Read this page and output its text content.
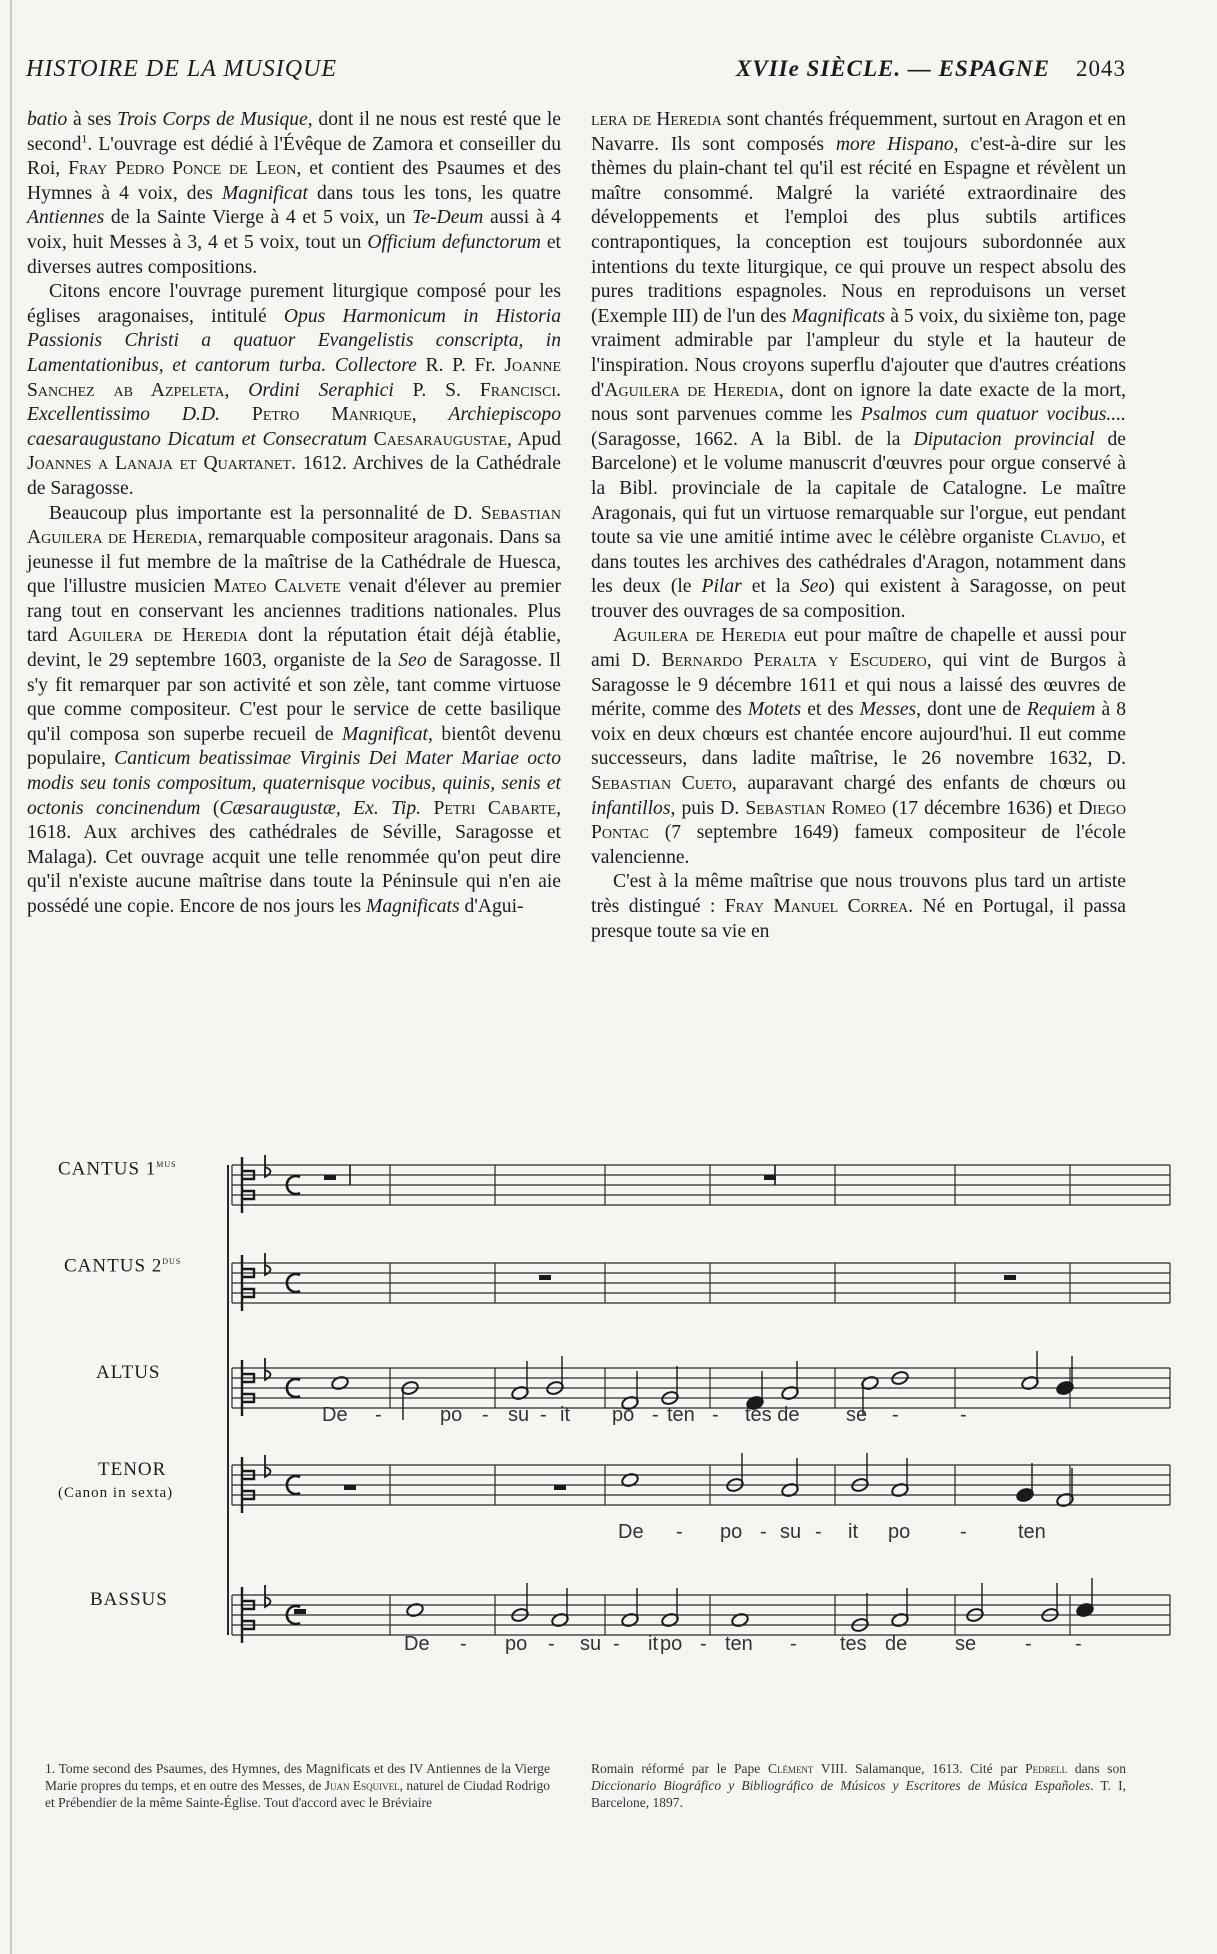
HISTOIRE DE LA MUSIQUE	XVIIe SIÈCLE. — ESPAGNE 2043

batio à ses Trois Corps de Musique, dont il ne nous est resté que le second$^1$. L'ouvrage est dédié à l'Évêque de Zamora et conseiller du Roi, Fray Pedro Ponce de Leon, et contient des Psaumes et des Hymnes à 4 voix, des Magnificat dans tous les tons, les quatre Antiennes de la Sainte Vierge à 4 et 5 voix, un Te-Deum aussi à 4 voix, huit Messes à 3, 4 et 5 voix, tout un Officium defunctorum et diverses autres compositions.

Citons encore l'ouvrage purement liturgique composé pour les églises aragonaises, intitulé Opus Harmonicum in Historia Passionis Christi a quatuor Evangelistis conscripta, in Lamentationibus, et cantorum turba. Collectore R. P. Fr. Joanne Sanchez ab Azpeleta, Ordini Seraphici P. S. Francisci. Excellentissimo D.D. Petro Manrique, Archiepiscopo caesaraugustano Dicatum et Consecratum Caesaraugustae, Apud Joannes a Lanaja et Quartanet. 1612. Archives de la Cathédrale de Saragosse.

Beaucoup plus importante est la personnalité de D. Sebastian Aguilera de Heredia, remarquable compositeur aragonais. Dans sa jeunesse il fut membre de la maîtrise de la Cathédrale de Huesca, que l'illustre musicien Mateo Calvete venait d'élever au premier rang tout en conservant les anciennes traditions nationales. Plus tard Aguilera de Heredia dont la réputation était déjà établie, devint, le 29 septembre 1603, organiste de la Seo de Saragosse. Il s'y fit remarquer par son activité et son zèle, tant comme virtuose que comme compositeur. C'est pour le service de cette basilique qu'il composa son superbe recueil de Magnificat, bientôt devenu populaire, Canticum beatissimae Virginis Dei Mater Mariae octo modis seu tonis compositum, quaternisque vocibus, quinis, senis et octonis concinendum (Cæsaraugustæ, Ex. Tip. Petri Cabarte, 1618. Aux archives des cathédrales de Séville, Saragosse et Malaga). Cet ouvrage acquit une telle renommée qu'on peut dire qu'il n'existe aucune maîtrise dans toute la Péninsule qui n'en aie possédé une copie. Encore de nos jours les Magnificats d'Agui-

lera de Heredia sont chantés fréquemment, surtout en Aragon et en Navarre. Ils sont composés more Hispano, c'est-à-dire sur les thèmes du plain-chant tel qu'il est récité en Espagne et révèlent un maître consommé. Malgré la variété extraordinaire des développements et l'emploi des plus subtils artifices contrapontiques, la conception est toujours subordonnée aux intentions du texte liturgique, ce qui prouve un respect absolu des pures traditions espagnoles. Nous en reproduisons un verset (Exemple III) de l'un des Magnificats à 5 voix, du sixième ton, page vraiment admirable par l'ampleur du style et la hauteur de l'inspiration. Nous croyons superflu d'ajouter que d'autres créations d'Aguilera de Heredia, dont on ignore la date exacte de la mort, nous sont parvenues comme les Psalmos cum quatuor vocibus.... (Saragosse, 1662. A la Bibl. de la Diputacion provincial de Barcelone) et le volume manuscrit d'œuvres pour orgue conservé à la Bibl. provinciale de la capitale de Catalogne. Le maître Aragonais, qui fut un virtuose remarquable sur l'orgue, eut pendant toute sa vie une amitié intime avec le célèbre organiste Clavijo, et dans toutes les archives des cathédrales d'Aragon, notamment dans les deux (le Pilar et la Seo) qui existent à Saragosse, on peut trouver des ouvrages de sa composition.

Aguilera de Heredia eut pour maître de chapelle et aussi pour ami D. Bernardo Peralta y Escudero, qui vint de Burgos à Saragosse le 9 décembre 1611 et qui nous a laissé des œuvres de mérite, comme des Motets et des Messes, dont une de Requiem à 8 voix en deux chœurs est chantée encore aujourd'hui. Il eut comme successeurs, dans ladite maîtrise, le 26 novembre 1632, D. Sebastian Cueto, auparavant chargé des enfants de chœurs ou infantillos, puis D. Sebastian Romeo (17 décembre 1636) et Diego Pontac (7 septembre 1649) fameux compositeur de l'école valencienne.

C'est à la même maîtrise que nous trouvons plus tard un artiste très distingué : Fray Manuel Correa. Né en Portugal, il passa presque toute sa vie en

CANTUS $1^{mus}$
CANTUS $2^{dus}$
ALTUS
TENOR
(Canon in sexta)
BASSUS
De -	po - su - it po - ten - tes de se -	-
De - po - su - it po -	ten
De - po - su - it po - ten - tes de se - -

1. Tome second des Psaumes, des Hymnes, des Magnificats et des IV Antiennes de la Vierge Marie propres du temps, et en outre des Messes, de Juan Esquivel, naturel de Ciudad Rodrigo et Prébendier de la même Sainte-Église. Tout d'accord avec le Bréviaire

Romain réformé par le Pape Clément VIII. Salamanque, 1613. Cité par Pedrell dans son Diccionario Biográfico y Bibliográfico de Músicos y Escritores de Música Españoles. T. I, Barcelone, 1897.
